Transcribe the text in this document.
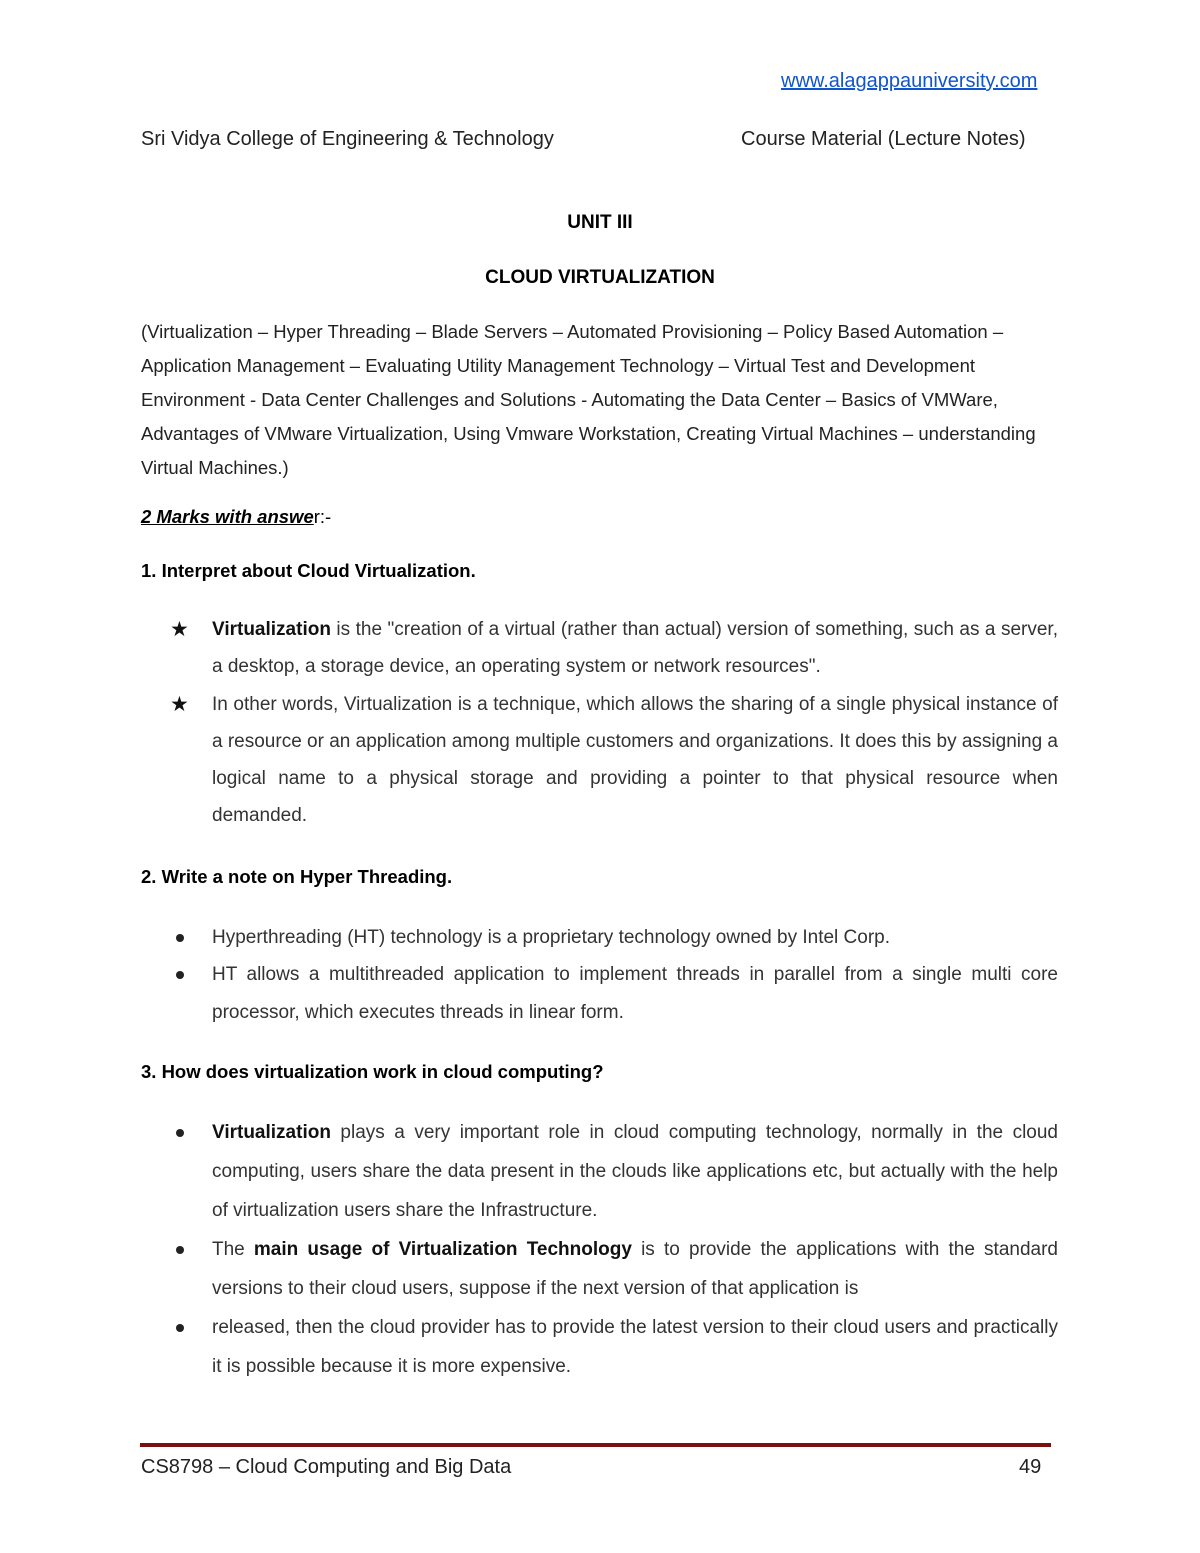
www.alagappauniversity.com
Sri Vidya College of Engineering & Technology	Course Material (Lecture Notes)
UNIT III
CLOUD VIRTUALIZATION
(Virtualization – Hyper Threading – Blade Servers – Automated Provisioning – Policy Based Automation – Application Management – Evaluating Utility Management Technology – Virtual Test and Development Environment - Data Center Challenges and Solutions - Automating the Data Center – Basics of VMWare, Advantages of VMware Virtualization, Using Vmware Workstation, Creating Virtual Machines – understanding Virtual Machines.)
2 Marks with answer:-
1. Interpret about Cloud Virtualization.
★ Virtualization is the "creation of a virtual (rather than actual) version of something, such as a server, a desktop, a storage device, an operating system or network resources".
★ In other words, Virtualization is a technique, which allows the sharing of a single physical instance of a resource or an application among multiple customers and organizations. It does this by assigning a logical name to a physical storage and providing a pointer to that physical resource when demanded.
2. Write a note on Hyper Threading.
Hyperthreading (HT) technology is a proprietary technology owned by Intel Corp.
HT allows a multithreaded application to implement threads in parallel from a single multi core processor, which executes threads in linear form.
3. How does virtualization work in cloud computing?
Virtualization plays a very important role in cloud computing technology, normally in the cloud computing, users share the data present in the clouds like applications etc, but actually with the help of virtualization users share the Infrastructure.
The main usage of Virtualization Technology is to provide the applications with the standard versions to their cloud users, suppose if the next version of that application is
released, then the cloud provider has to provide the latest version to their cloud users and practically it is possible because it is more expensive.
CS8798 – Cloud Computing and Big Data	49
